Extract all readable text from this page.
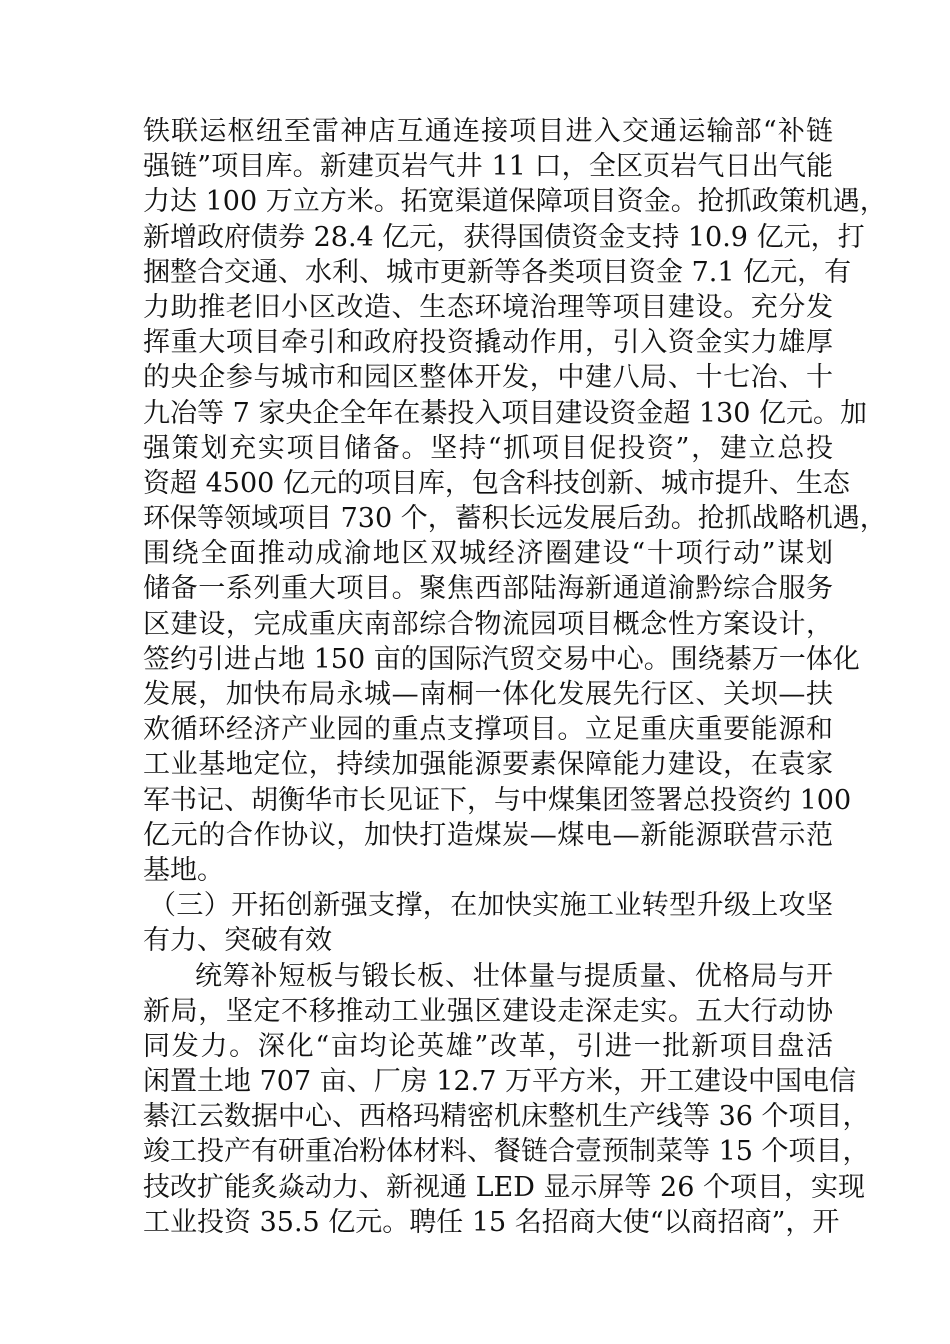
铁联运枢纽至雷神店互通连接项目进入交通运输部“补链
强链”项目库。新建页岩气井 11 口，全区页岩气日出气能
力达 100 万立方米。拓宽渠道保障项目资金。抢抓政策机遇，
新增政府债券 28.4 亿元，获得国债资金支持 10.9 亿元，打
捆整合交通、水利、城市更新等各类项目资金 7.1 亿元，有
力助推老旧小区改造、生态环境治理等项目建设。充分发
挥重大项目牵引和政府投资撬动作用，引入资金实力雄厚
的央企参与城市和园区整体开发，中建八局、十七冶、十
九冶等 7 家央企全年在綦投入项目建设资金超 130 亿元。加
强策划充实项目储备。坚持“抓项目促投资”，建立总投
资超 4500 亿元的项目库，包含科技创新、城市提升、生态
环保等领域项目 730 个，蓄积长远发展后劲。抢抓战略机遇，
围绕全面推动成渝地区双城经济圈建设“十项行动”谋划
储备一系列重大项目。聚焦西部陆海新通道渝黔综合服务
区建设，完成重庆南部综合物流园项目概念性方案设计，
签约引进占地 150 亩的国际汽贸交易中心。围绕綦万一体化
发展，加快布局永城—南桐一体化发展先行区、关坝—扶
欢循环经济产业园的重点支撑项目。立足重庆重要能源和
工业基地定位，持续加强能源要素保障能力建设，在袁家
军书记、胡衡华市长见证下，与中煤集团签署总投资约 100
亿元的合作协议，加快打造煤炭—煤电—新能源联营示范
基地。
（三）开拓创新强支撑，在加快实施工业转型升级上攻坚
有力、突破有效
统筹补短板与锻长板、壮体量与提质量、优格局与开
新局，坚定不移推动工业强区建设走深走实。五大行动协
同发力。深化“亩均论英雄”改革，引进一批新项目盘活
闲置土地 707 亩、厂房 12.7 万平方米，开工建设中国电信
綦江云数据中心、西格玛精密机床整机生产线等 36 个项目，
竣工投产有研重冶粉体材料、餐链合壹预制菜等 15 个项目，
技改扩能炙焱动力、新视通 LED 显示屏等 26 个项目，实现
工业投资 35.5 亿元。聘任 15 名招商大使“以商招商”，开
